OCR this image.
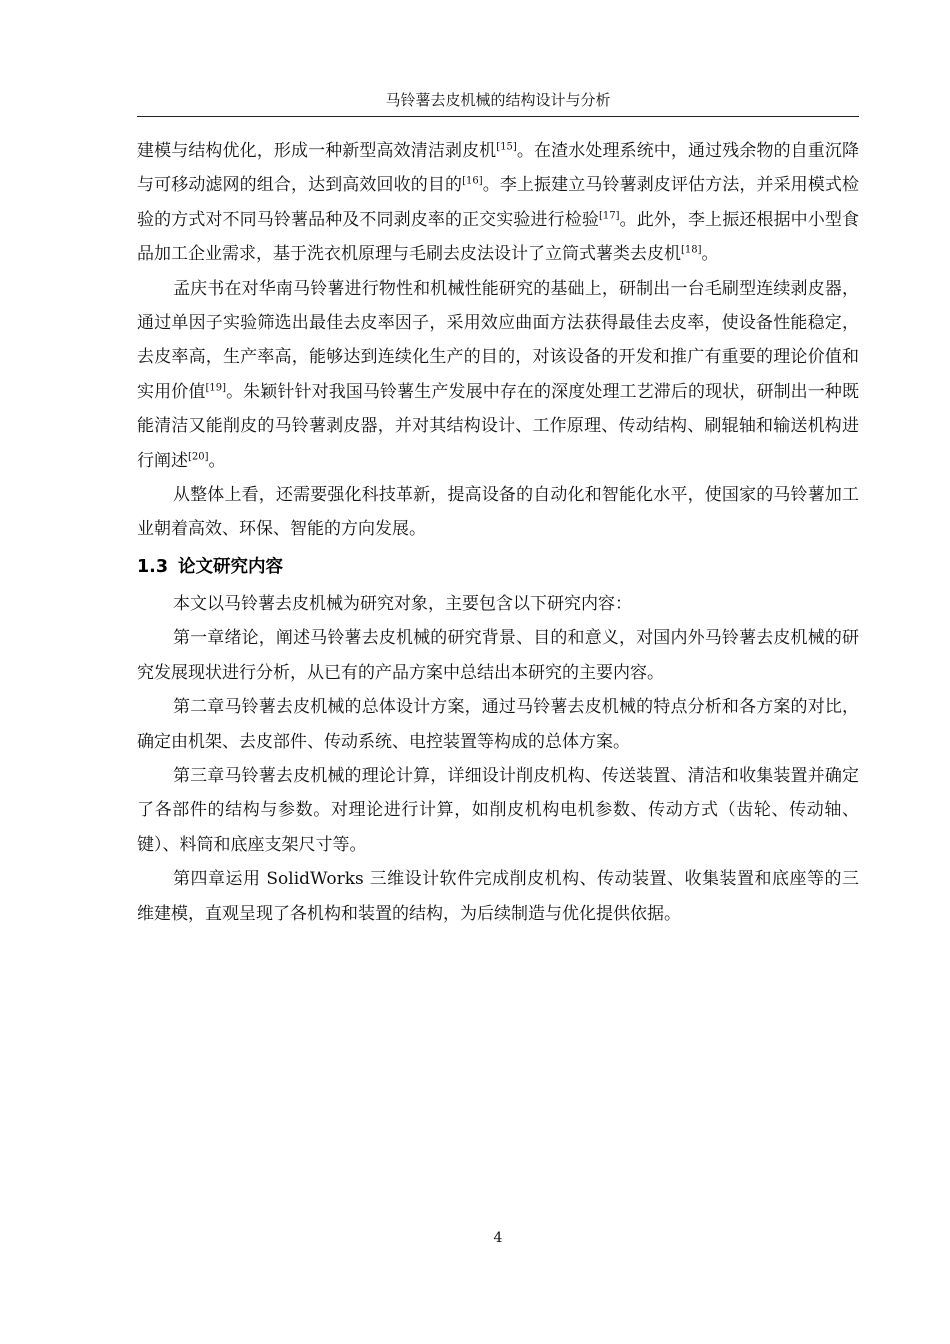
马铃薯去皮机械的结构设计与分析

建模与结构优化，形成一种新型高效清洁剥皮机[15]。在渣水处理系统中，通过残余物的自重沉降与可移动滤网的组合，达到高效回收的目的[16]。李上振建立马铃薯剥皮评估方法，并采用模式检验的方式对不同马铃薯品种及不同剥皮率的正交实验进行检验[17]。此外，李上振还根据中小型食品加工企业需求，基于洗衣机原理与毛刷去皮法设计了立筒式薯类去皮机[18]。

孟庆书在对华南马铃薯进行物性和机械性能研究的基础上，研制出一台毛刷型连续剥皮器，通过单因子实验筛选出最佳去皮率因子，采用效应曲面方法获得最佳去皮率，使设备性能稳定，去皮率高，生产率高，能够达到连续化生产的目的，对该设备的开发和推广有重要的理论价值和实用价值[19]。朱颖针针对我国马铃薯生产发展中存在的深度处理工艺滞后的现状，研制出一种既能清洁又能削皮的马铃薯剥皮器，并对其结构设计、工作原理、传动结构、刷辊轴和输送机构进行阐述[20]。

从整体上看，还需要强化科技革新，提高设备的自动化和智能化水平，使国家的马铃薯加工业朝着高效、环保、智能的方向发展。

1.3 论文研究内容

本文以马铃薯去皮机械为研究对象，主要包含以下研究内容：

第一章绪论，阐述马铃薯去皮机械的研究背景、目的和意义，对国内外马铃薯去皮机械的研究发展现状进行分析，从已有的产品方案中总结出本研究的主要内容。

第二章马铃薯去皮机械的总体设计方案，通过马铃薯去皮机械的特点分析和各方案的对比，确定由机架、去皮部件、传动系统、电控装置等构成的总体方案。

第三章马铃薯去皮机械的理论计算，详细设计削皮机构、传送装置、清洁和收集装置并确定了各部件的结构与参数。对理论进行计算，如削皮机构电机参数、传动方式（齿轮、传动轴、键）、料筒和底座支架尺寸等。

第四章运用 SolidWorks 三维设计软件完成削皮机构、传动装置、收集装置和底座等的三维建模，直观呈现了各机构和装置的结构，为后续制造与优化提供依据。

4
